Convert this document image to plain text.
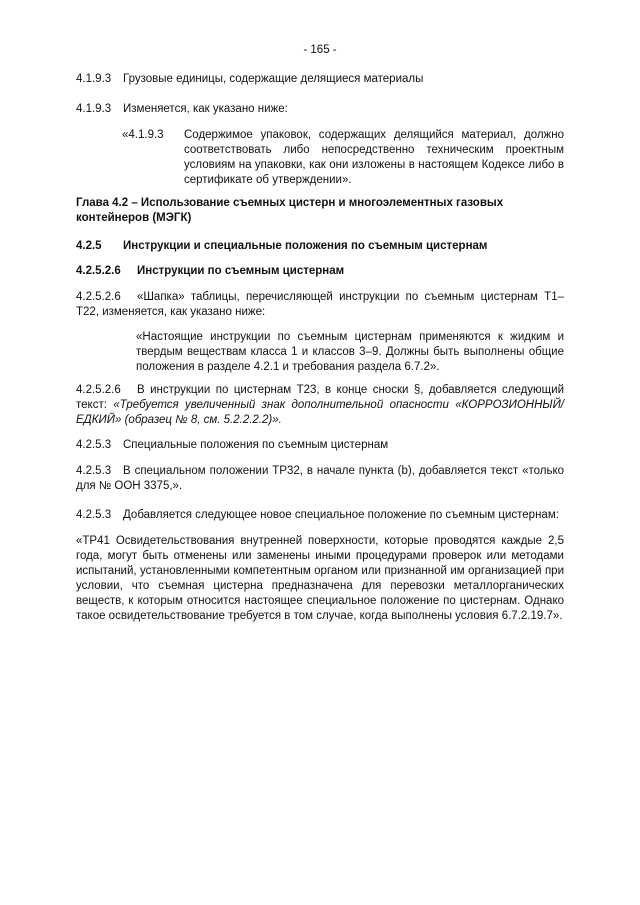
- 165 -
4.1.9.3 Грузовые единицы, содержащие делящиеся материалы
4.1.9.3 Изменяется, как указано ниже:
«4.1.9.3	Содержимое упаковок, содержащих делящийся материал, должно соответствовать либо непосредственно техническим проектным условиям на упаковки, как они изложены в настоящем Кодексе либо в сертификате об утверждении».

Глава 4.2 – Использование съемных цистерн и многоэлементных газовых контейнеров (МЭГК)
4.2.5 Инструкции и специальные положения по съемным цистернам
4.2.5.2.6 Инструкции по съемным цистернам
4.2.5.2.6 «Шапка» таблицы, перечисляющей инструкции по съемным цистернам T1–T22, изменяется, как указано ниже:

«Настоящие инструкции по съемным цистернам применяются к жидким и твердым веществам класса 1 и классов 3–9. Должны быть выполнены общие положения в разделе 4.2.1 и требования раздела 6.7.2».

4.2.5.2.6 В инструкции по цистернам T23, в конце сноски §, добавляется следующий текст: «Требуется увеличенный знак дополнительной опасности «КОРРОЗИОННЫЙ/ ЕДКИЙ» (образец № 8, см. 5.2.2.2.2)».
4.2.5.3 Специальные положения по съемным цистернам
4.2.5.3 В специальном положении TP32, в начале пункта (b), добавляется текст «только для № ООН 3375,».
4.2.5.3 Добавляется следующее новое специальное положение по съемным цистернам:

«TP41 Освидетельствования внутренней поверхности, которые проводятся каждые 2,5 года, могут быть отменены или заменены иными процедурами проверок или методами испытаний, установленными компетентным органом или признанной им организацией при условии, что съемная цистерна предназначена для перевозки металлорганических веществ, к которым относится настоящее специальное положение по цистернам. Однако такое освидетельствование требуется в том случае, когда выполнены условия 6.7.2.19.7».
